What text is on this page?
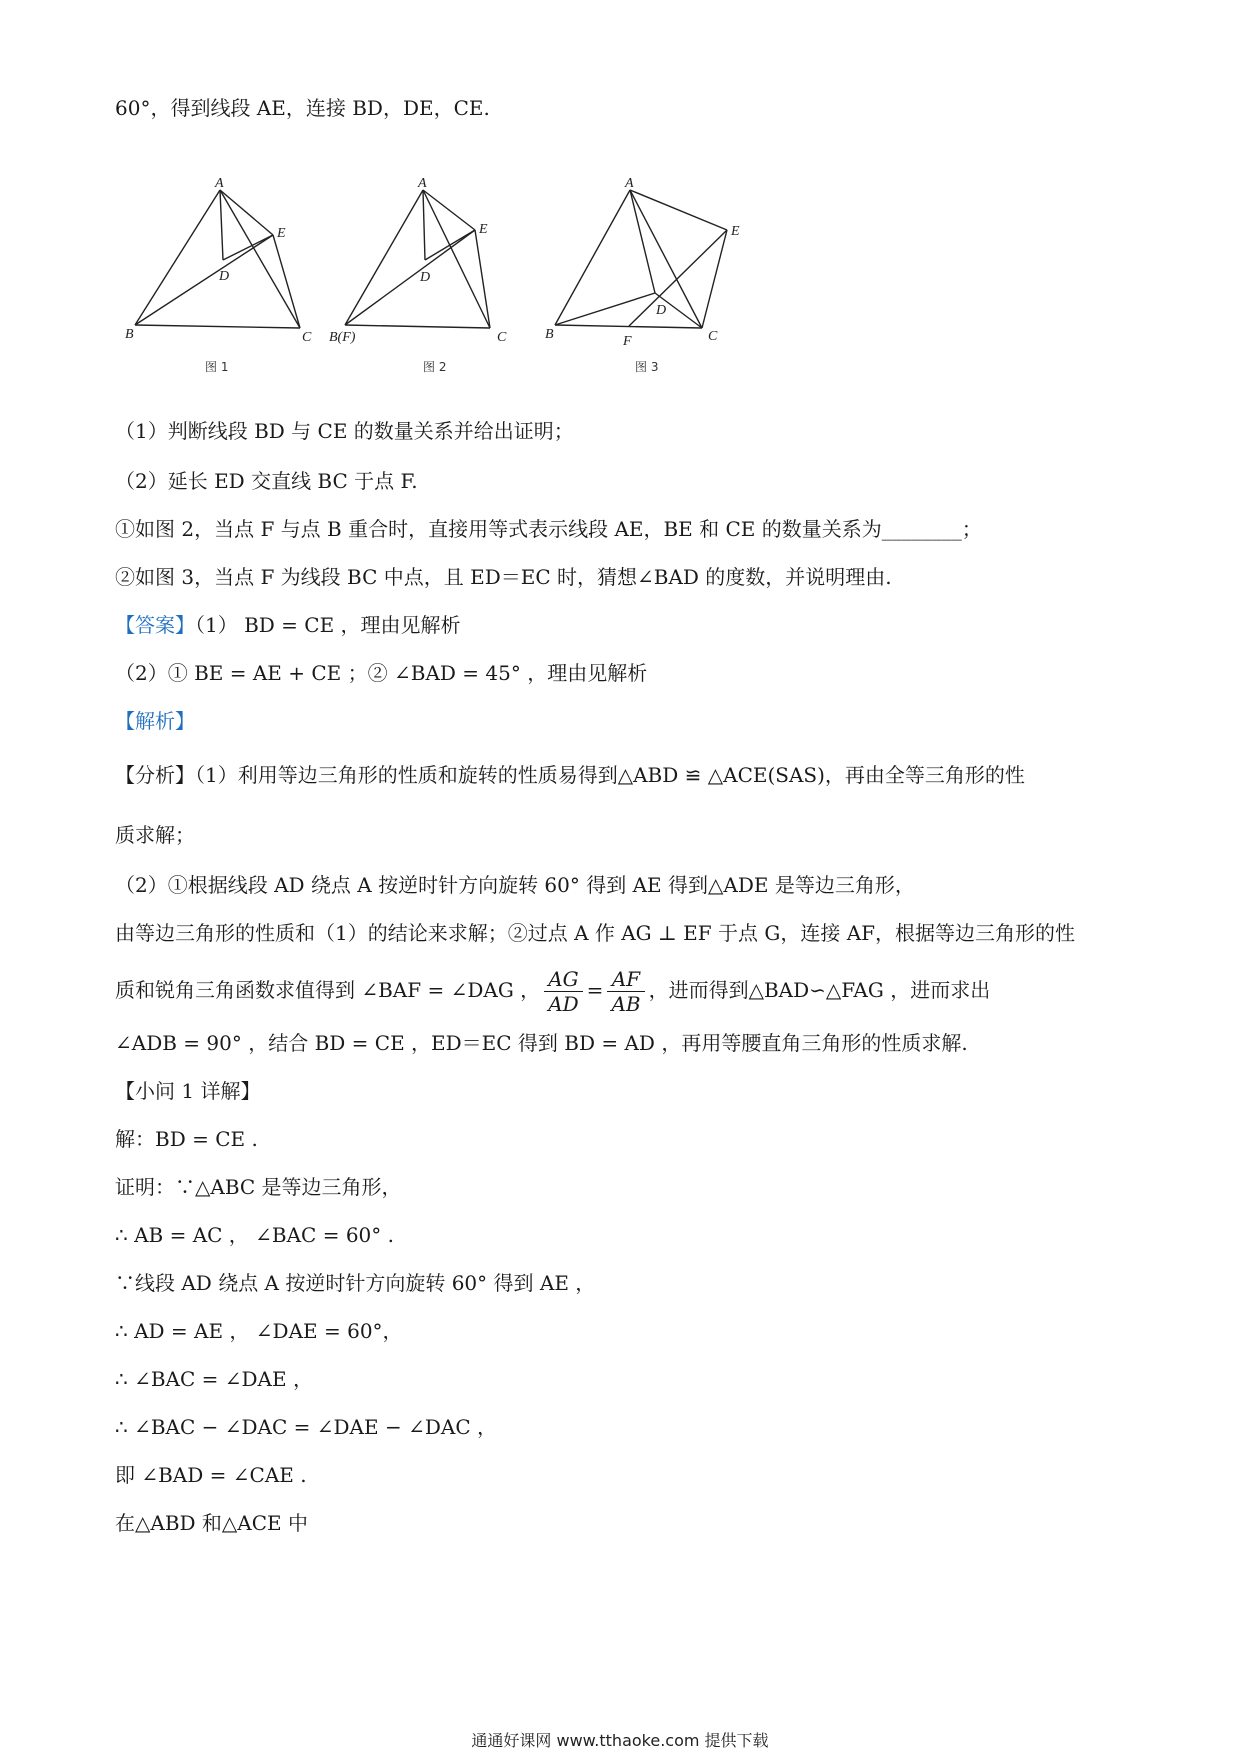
60°，得到线段 AE，连接 BD，DE，CE.
A
B	C
D
E
图 1
A
B(F)	C
D
E
图 2
A
B	C
D
E
F
图 3
（1）判断线段 BD 与 CE 的数量关系并给出证明；
（2）延长 ED 交直线 BC 于点 F.
①如图 2，当点 F 与点 B 重合时，直接用等式表示线段 AE，BE 和 CE 的数量关系为________；
②如图 3，当点 F 为线段 BC 中点，且 ED＝EC 时，猜想∠BAD 的度数，并说明理由.
【答案】（1） BD = CE ，理由见解析
（2）① BE = AE + CE ；② ∠BAD = 45° ，理由见解析
【解析】
【分析】（1）利用等边三角形的性质和旋转的性质易得到△ABD ≌ △ACE(SAS)，再由全等三角形的性
质求解；
（2）①根据线段 AD 绕点 A 按逆时针方向旋转 60° 得到 AE 得到△ADE 是等边三角形，
由等边三角形的性质和（1）的结论来求解；②过点 A 作 AG ⊥ EF 于点 G，连接 AF，根据等边三角形的性
质和锐角三角函数求值得到 ∠BAF = ∠DAG ， $\frac{AG}{AD} = \frac{AF}{AB}$ ，进而得到△BAD∽△FAG ，进而求出
∠ADB = 90° ，结合 BD = CE ，ED＝EC 得到 BD = AD ，再用等腰直角三角形的性质求解.
【小问 1 详解】
解：BD = CE .
证明：∵△ABC 是等边三角形，
∴ AB = AC ， ∠BAC = 60° .
∵线段 AD 绕点 A 按逆时针方向旋转 60° 得到 AE ，
∴ AD = AE ， ∠DAE = 60°，
∴ ∠BAC = ∠DAE ，
∴ ∠BAC − ∠DAC = ∠DAE − ∠DAC ，
即 ∠BAD = ∠CAE .
在△ABD 和△ACE 中
通通好课网 www.tthaoke.com 提供下载
